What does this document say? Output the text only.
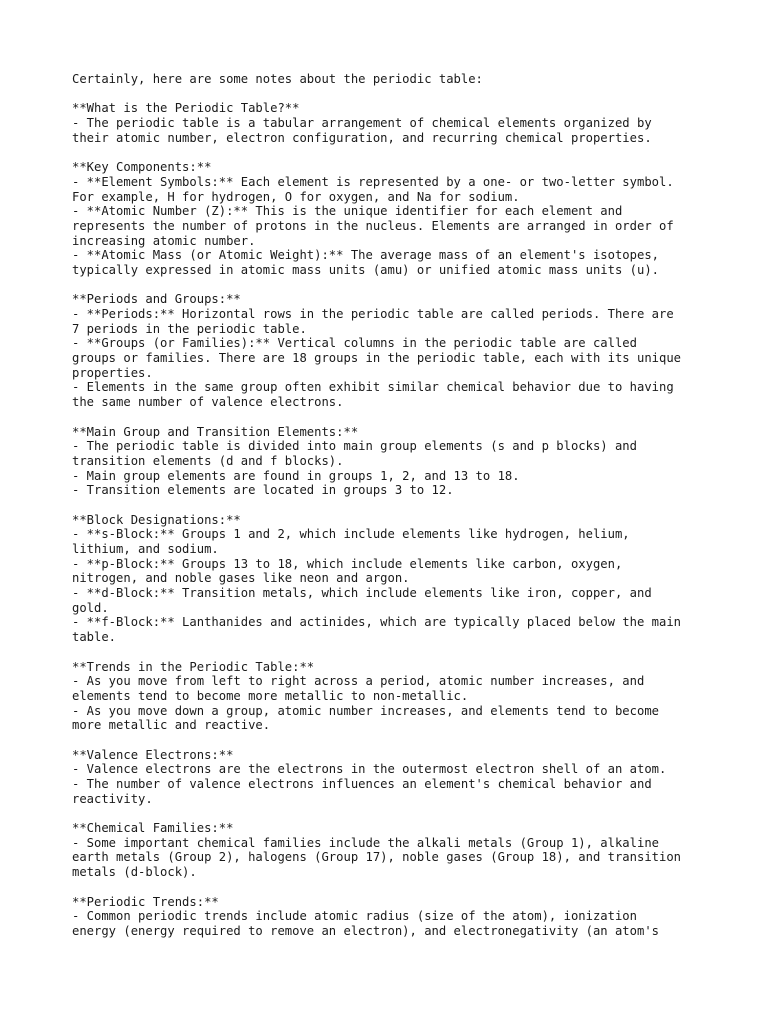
Certainly, here are some notes about the periodic table:
**What is the Periodic Table?**
- The periodic table is a tabular arrangement of chemical elements organized by
their atomic number, electron configuration, and recurring chemical properties.
**Key Components:**
- **Element Symbols:** Each element is represented by a one- or two-letter symbol.
For example, H for hydrogen, O for oxygen, and Na for sodium.
- **Atomic Number (Z):** This is the unique identifier for each element and
represents the number of protons in the nucleus. Elements are arranged in order of
increasing atomic number.
- **Atomic Mass (or Atomic Weight):** The average mass of an element's isotopes,
typically expressed in atomic mass units (amu) or unified atomic mass units (u).
**Periods and Groups:**
- **Periods:** Horizontal rows in the periodic table are called periods. There are
7 periods in the periodic table.
- **Groups (or Families):** Vertical columns in the periodic table are called
groups or families. There are 18 groups in the periodic table, each with its unique
properties.
- Elements in the same group often exhibit similar chemical behavior due to having
the same number of valence electrons.
**Main Group and Transition Elements:**
- The periodic table is divided into main group elements (s and p blocks) and
transition elements (d and f blocks).
- Main group elements are found in groups 1, 2, and 13 to 18.
- Transition elements are located in groups 3 to 12.
**Block Designations:**
- **s-Block:** Groups 1 and 2, which include elements like hydrogen, helium,
lithium, and sodium.
- **p-Block:** Groups 13 to 18, which include elements like carbon, oxygen,
nitrogen, and noble gases like neon and argon.
- **d-Block:** Transition metals, which include elements like iron, copper, and
gold.
- **f-Block:** Lanthanides and actinides, which are typically placed below the main
table.
**Trends in the Periodic Table:**
- As you move from left to right across a period, atomic number increases, and
elements tend to become more metallic to non-metallic.
- As you move down a group, atomic number increases, and elements tend to become
more metallic and reactive.
**Valence Electrons:**
- Valence electrons are the electrons in the outermost electron shell of an atom.
- The number of valence electrons influences an element's chemical behavior and
reactivity.
**Chemical Families:**
- Some important chemical families include the alkali metals (Group 1), alkaline
earth metals (Group 2), halogens (Group 17), noble gases (Group 18), and transition
metals (d-block).
**Periodic Trends:**
- Common periodic trends include atomic radius (size of the atom), ionization
energy (energy required to remove an electron), and electronegativity (an atom's
